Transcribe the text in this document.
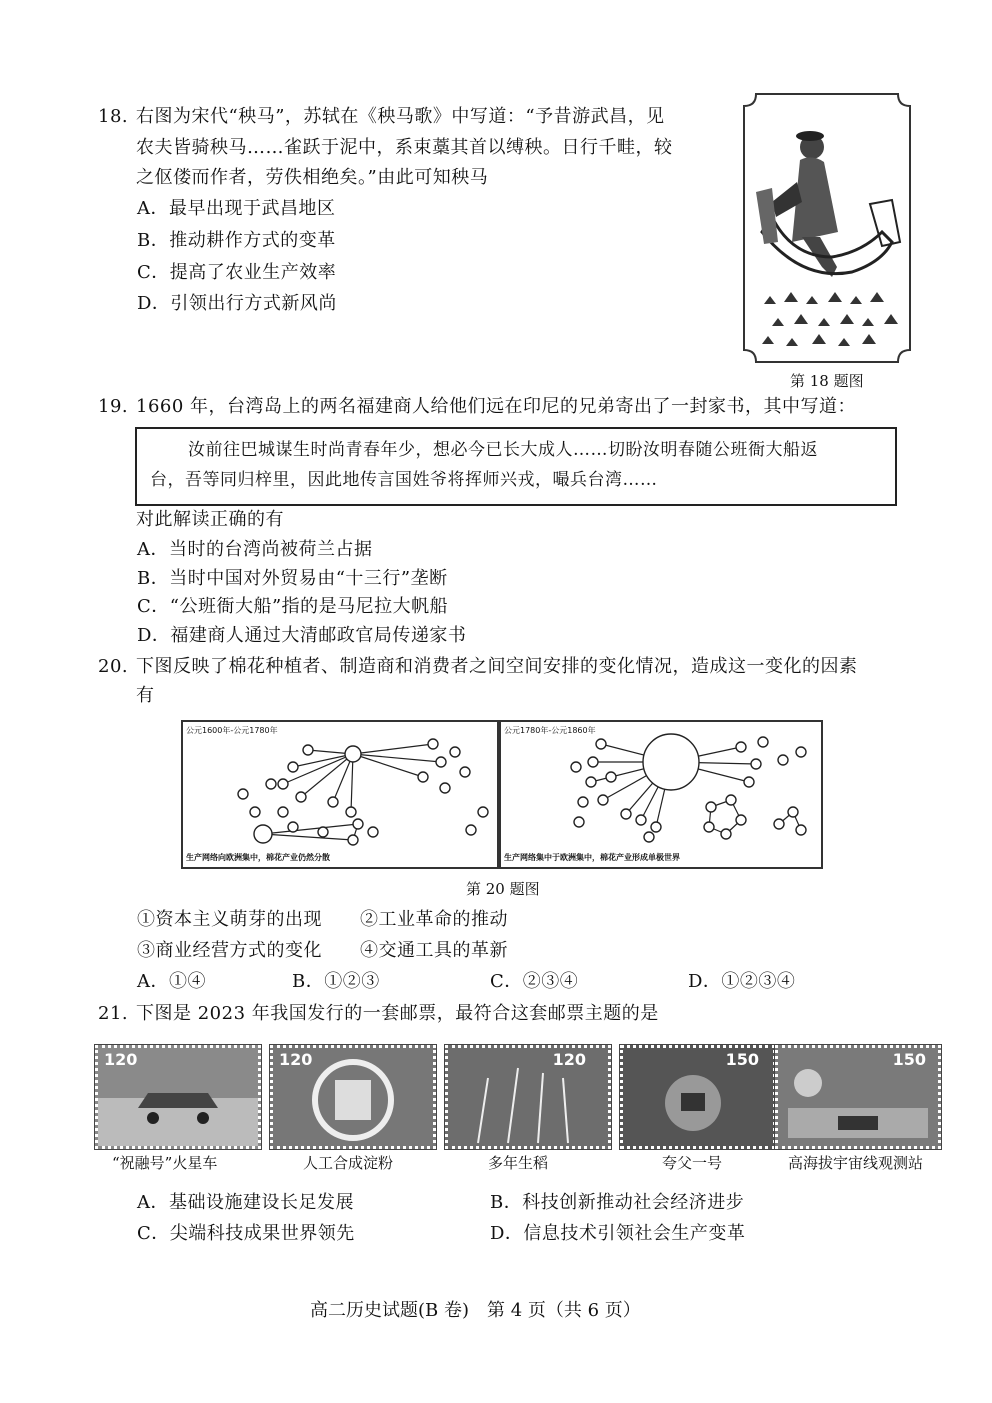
18. 右图为宋代“秧马”，苏轼在《秧马歌》中写道：“予昔游武昌，见
农夫皆骑秧马……雀跃于泥中，系束藁其首以缚秧。日行千畦，较
之伛偻而作者，劳佚相绝矣。”由此可知秧马
A．最早出现于武昌地区
B．推动耕作方式的变革
C．提高了农业生产效率
D．引领出行方式新风尚
第 18 题图
19. 1660 年，台湾岛上的两名福建商人给他们远在印尼的兄弟寄出了一封家书，其中写道：
汝前往巴城谋生时尚青春年少，想必今已长大成人……切盼汝明春随公班衙大船返
台，吾等同归梓里，因此地传言国姓爷将挥师兴戎，嘬兵台湾……
对此解读正确的有
A．当时的台湾尚被荷兰占据
B．当时中国对外贸易由“十三行”垄断
C．“公班衙大船”指的是马尼拉大帆船
D．福建商人通过大清邮政官局传递家书
20. 下图反映了棉花种植者、制造商和消费者之间空间安排的变化情况，造成这一变化的因素
有
公元1600年-公元1780年
生产网络向欧洲集中，棉花产业仍然分散
公元1780年-公元1860年
生产网络集中于欧洲集中，棉花产业形成单极世界
第 20 题图
①资本主义萌芽的出现 ②工业革命的推动
③商业经营方式的变化 ④交通工具的革新
A．①④	B．①②③	C．②③④	D．①②③④
21. 下图是 2023 年我国发行的一套邮票，最符合这套邮票主题的是
120	120	120	150	150
“祝融号”火星车	人工合成淀粉	多年生稻	夸父一号	高海拔宇宙线观测站
A．基础设施建设长足发展	B．科技创新推动社会经济进步
C．尖端科技成果世界领先	D．信息技术引领社会生产变革
高二历史试题(B 卷)　第 4 页（共 6 页）
